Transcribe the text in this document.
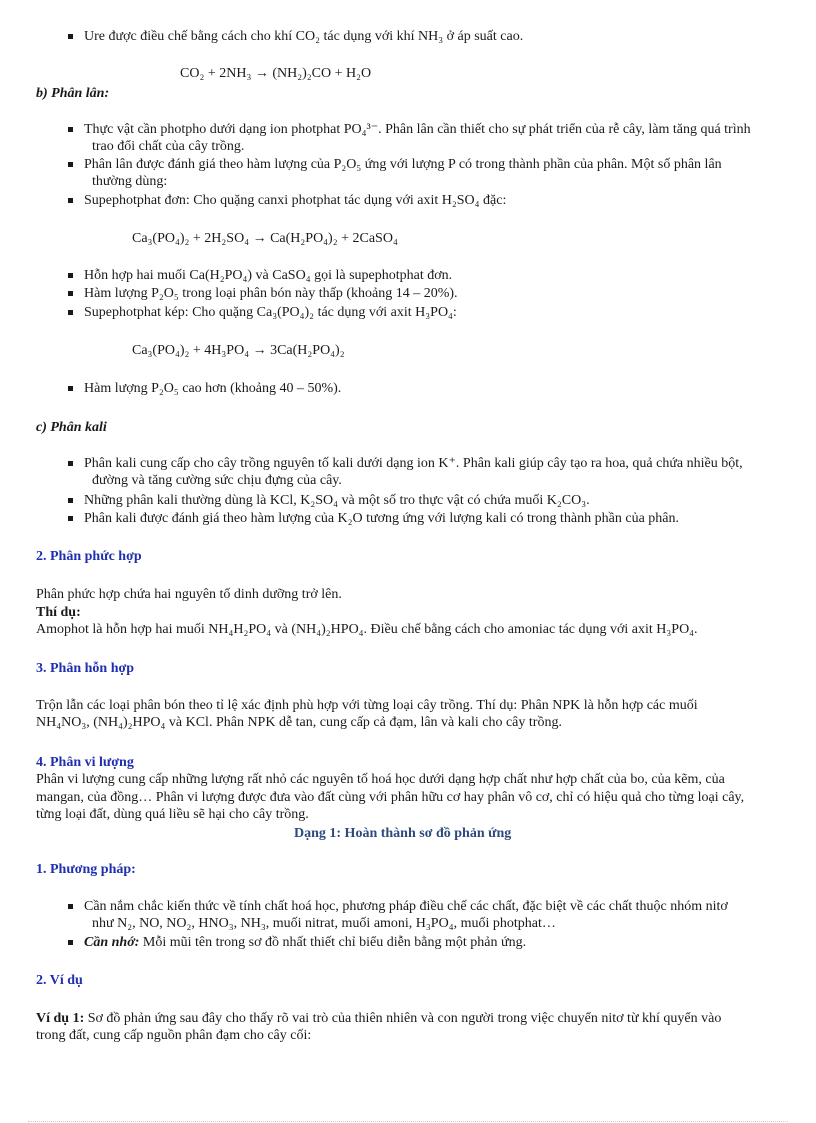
Ure được điều chế bằng cách cho khí CO₂ tác dụng với khí NH₃ ở áp suất cao.
CO₂ + 2NH₃ → (NH₂)₂CO + H₂O
b) Phân lân:
Thực vật cần photpho dưới dạng ion photphat PO₄³⁻. Phân lân cần thiết cho sự phát triển của rễ cây, làm tăng quá trình
trao đổi chất của cây trồng.
Phân lân được đánh giá theo hàm lượng của P₂O₅ ứng với lượng P có trong thành phần của phân. Một số phân lân
thường dùng:
Supephotphat đơn: Cho quặng canxi photphat tác dụng với axit H₂SO₄ đặc:
Ca₃(PO₄)₂ + 2H₂SO₄ → Ca(H₂PO₄)₂ + 2CaSO₄
Hỗn hợp hai muối Ca(H₂PO₄) và CaSO₄ gọi là supephotphat đơn.
Hàm lượng P₂O₅ trong loại phân bón này thấp (khoảng 14 – 20%).
Supephotphat kép: Cho quặng Ca₃(PO₄)₂ tác dụng với axit H₃PO₄:
Ca₃(PO₄)₂ + 4H₃PO₄ → 3Ca(H₂PO₄)₂
Hàm lượng P₂O₅ cao hơn (khoảng 40 – 50%).
c) Phân kali
Phân kali cung cấp cho cây trồng nguyên tố kali dưới dạng ion K⁺. Phân kali giúp cây tạo ra hoa, quả chứa nhiều bột,
đường và tăng cường sức chịu đựng của cây.
Những phân kali thường dùng là KCl, K₂SO₄ và một số tro thực vật có chứa muối K₂CO₃.
Phân kali được đánh giá theo hàm lượng của K₂O tương ứng với lượng kali có trong thành phần của phân.
2. Phân phức hợp
Phân phức hợp chứa hai nguyên tố dinh dưỡng trở lên.
Thí dụ:
Amophot là hỗn hợp hai muối NH₄H₂PO₄ và (NH₄)₂HPO₄. Điều chế bằng cách cho amoniac tác dụng với axit H₃PO₄.
3. Phân hỗn hợp
Trộn lẫn các loại phân bón theo tỉ lệ xác định phù hợp với từng loại cây trồng. Thí dụ: Phân NPK là hỗn hợp các muối
NH₄NO₃, (NH₄)₂HPO₄ và KCl. Phân NPK dễ tan, cung cấp cả đạm, lân và kali cho cây trồng.
4. Phân vi lượng
Phân vi lượng cung cấp những lượng rất nhỏ các nguyên tố hoá học dưới dạng hợp chất như hợp chất của bo, của kẽm, của
mangan, của đồng… Phân vi lượng được đưa vào đất cùng với phân hữu cơ hay phân vô cơ, chỉ có hiệu quả cho từng loại cây,
từng loại đất, dùng quá liều sẽ hại cho cây trồng.
Dạng 1: Hoàn thành sơ đồ phản ứng
1. Phương pháp:
Cần nắm chắc kiến thức về tính chất hoá học, phương pháp điều chế các chất, đặc biệt về các chất thuộc nhóm nitơ
như N₂, NO, NO₂, HNO₃, NH₃, muối nitrat, muối amoni, H₃PO₄, muối photphat…
Cần nhớ: Mỗi mũi tên trong sơ đồ nhất thiết chỉ biểu diễn bằng một phản ứng.
2. Ví dụ
Ví dụ 1: Sơ đồ phản ứng sau đây cho thấy rõ vai trò của thiên nhiên và con người trong việc chuyển nitơ từ khí quyển vào
trong đất, cung cấp nguồn phân đạm cho cây cối:
